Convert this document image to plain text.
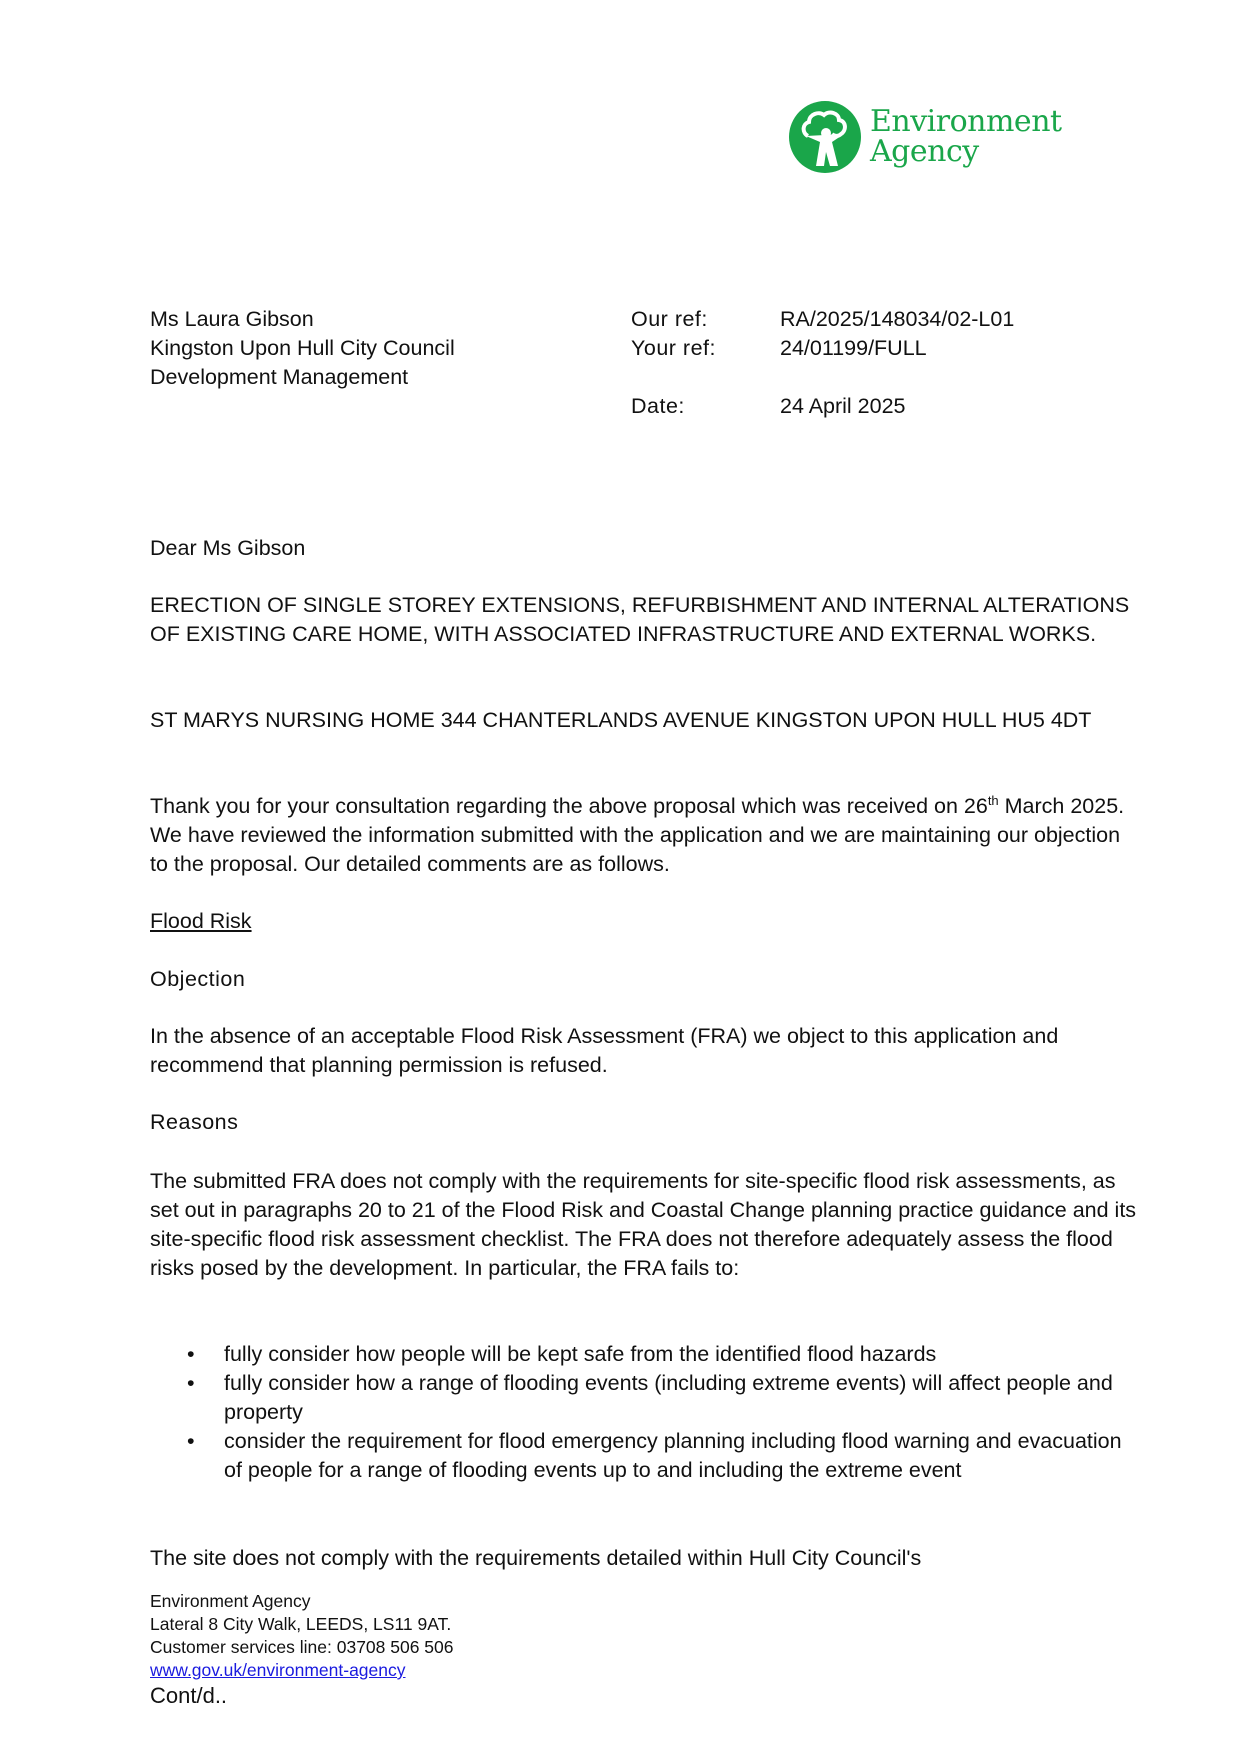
Environment
Agency
Ms Laura Gibson
Kingston Upon Hull City Council
Development Management
Our ref:	RA/2025/148034/02-L01
Your ref:	24/01199/FULL
Date:	24 April 2025

Dear Ms Gibson

ERECTION OF SINGLE STOREY EXTENSIONS, REFURBISHMENT AND INTERNAL ALTERATIONS OF EXISTING CARE HOME, WITH ASSOCIATED INFRASTRUCTURE AND EXTERNAL WORKS.

ST MARYS NURSING HOME 344 CHANTERLANDS AVENUE KINGSTON UPON HULL HU5 4DT

Thank you for your consultation regarding the above proposal which was received on 26th March 2025. We have reviewed the information submitted with the application and we are maintaining our objection to the proposal. Our detailed comments are as follows.

Flood Risk

Objection

In the absence of an acceptable Flood Risk Assessment (FRA) we object to this application and recommend that planning permission is refused.

Reasons

The submitted FRA does not comply with the requirements for site-specific flood risk assessments, as set out in paragraphs 20 to 21 of the Flood Risk and Coastal Change planning practice guidance and its site-specific flood risk assessment checklist. The FRA does not therefore adequately assess the flood risks posed by the development. In particular, the FRA fails to:

• fully consider how people will be kept safe from the identified flood hazards
• fully consider how a range of flooding events (including extreme events) will affect people and property
• consider the requirement for flood emergency planning including flood warning and evacuation of people for a range of flooding events up to and including the extreme event

The site does not comply with the requirements detailed within Hull City Council's

Environment Agency
Lateral 8 City Walk, LEEDS, LS11 9AT.
Customer services line: 03708 506 506
www.gov.uk/environment-agency
Cont/d..
